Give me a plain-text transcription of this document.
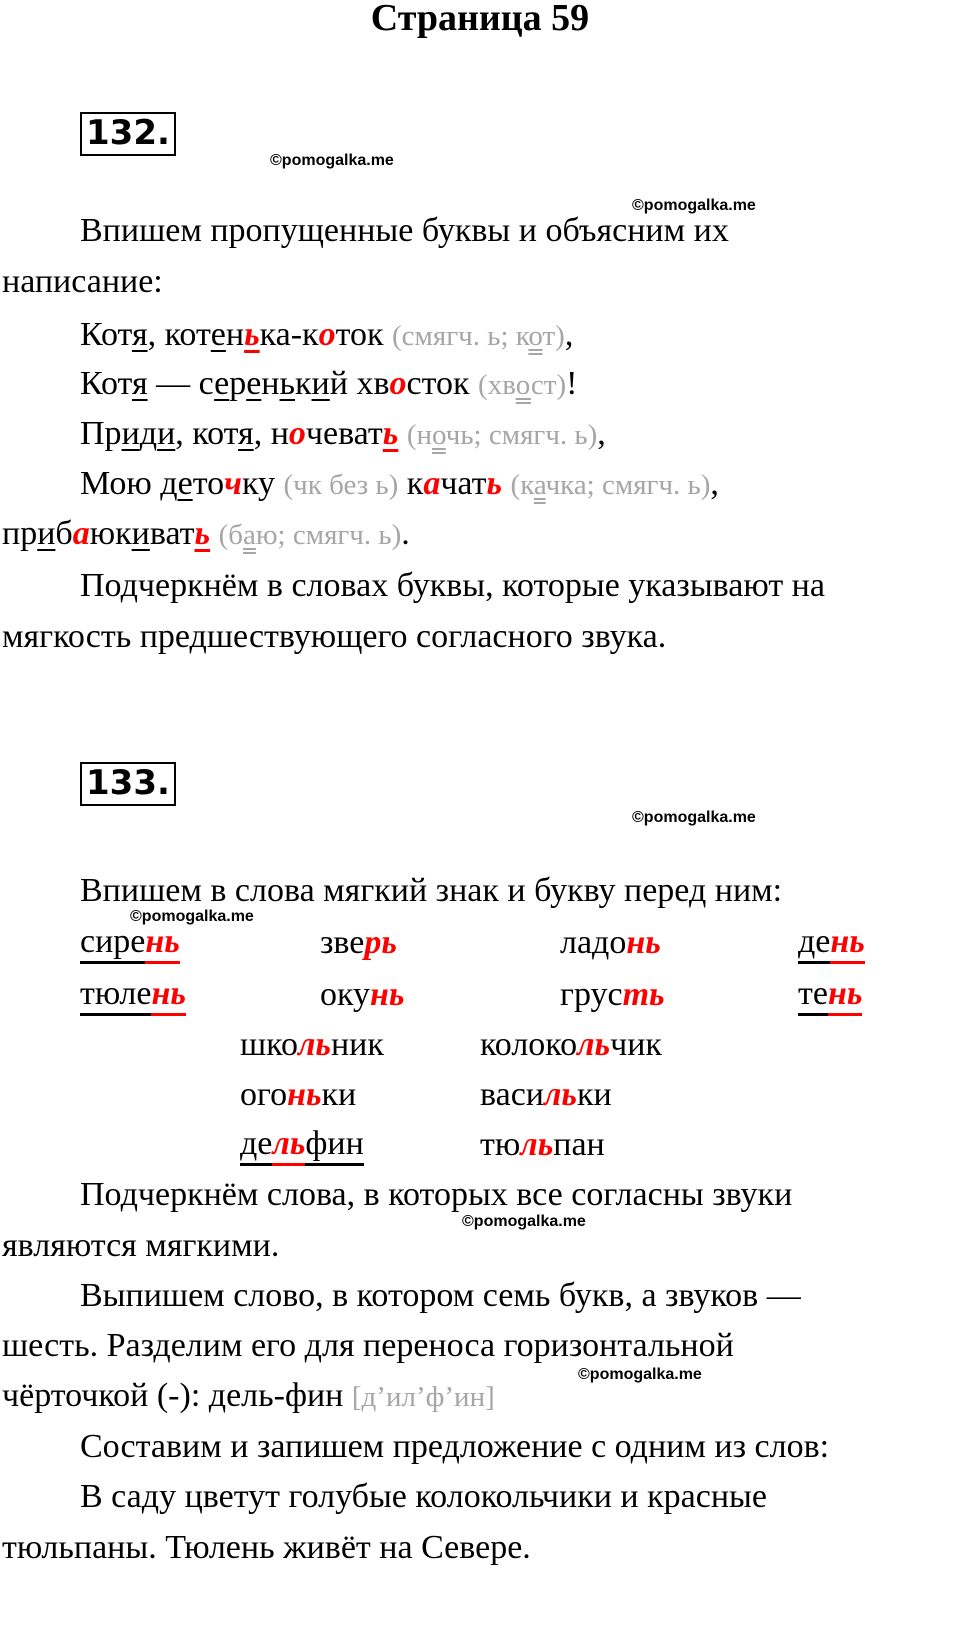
Страница 59
132.
©pomogalka.me
©pomogalka.me
Впишем пропущенные буквы и объясним их
написание:
Котя, котенька-коток (смягч. ь; кот),
Котя — серенький хвосток (хвост)!
Приди, котя, ночевать (ночь; смягч. ь),
Мою деточку (чк без ь) качать (качка; смягч. ь),
прибаюкивать (баю; смягч. ь).
Подчеркнём в словах буквы, которые указывают на
мягкость предшествующего согласного звука.
133.
©pomogalka.me
Впишем в слова мягкий знак и букву перед ним:
©pomogalka.me
сирень	зверь	ладонь	день
тюлень	окунь	грусть	тень
школьник	колокольчик
огоньки	васильки
дельфин	тюльпан
Подчеркнём слова, в которых все согласны звуки
©pomogalka.me
являются мягкими.
Выпишем слово, в котором семь букв, а звуков —
шесть. Разделим его для переноса горизонтальной
©pomogalka.me
чёрточкой (-): дель-фин [д’ил’ф’ин]
Составим и запишем предложение с одним из слов:
В саду цветут голубые колокольчики и красные
тюльпаны. Тюлень живёт на Севере.
